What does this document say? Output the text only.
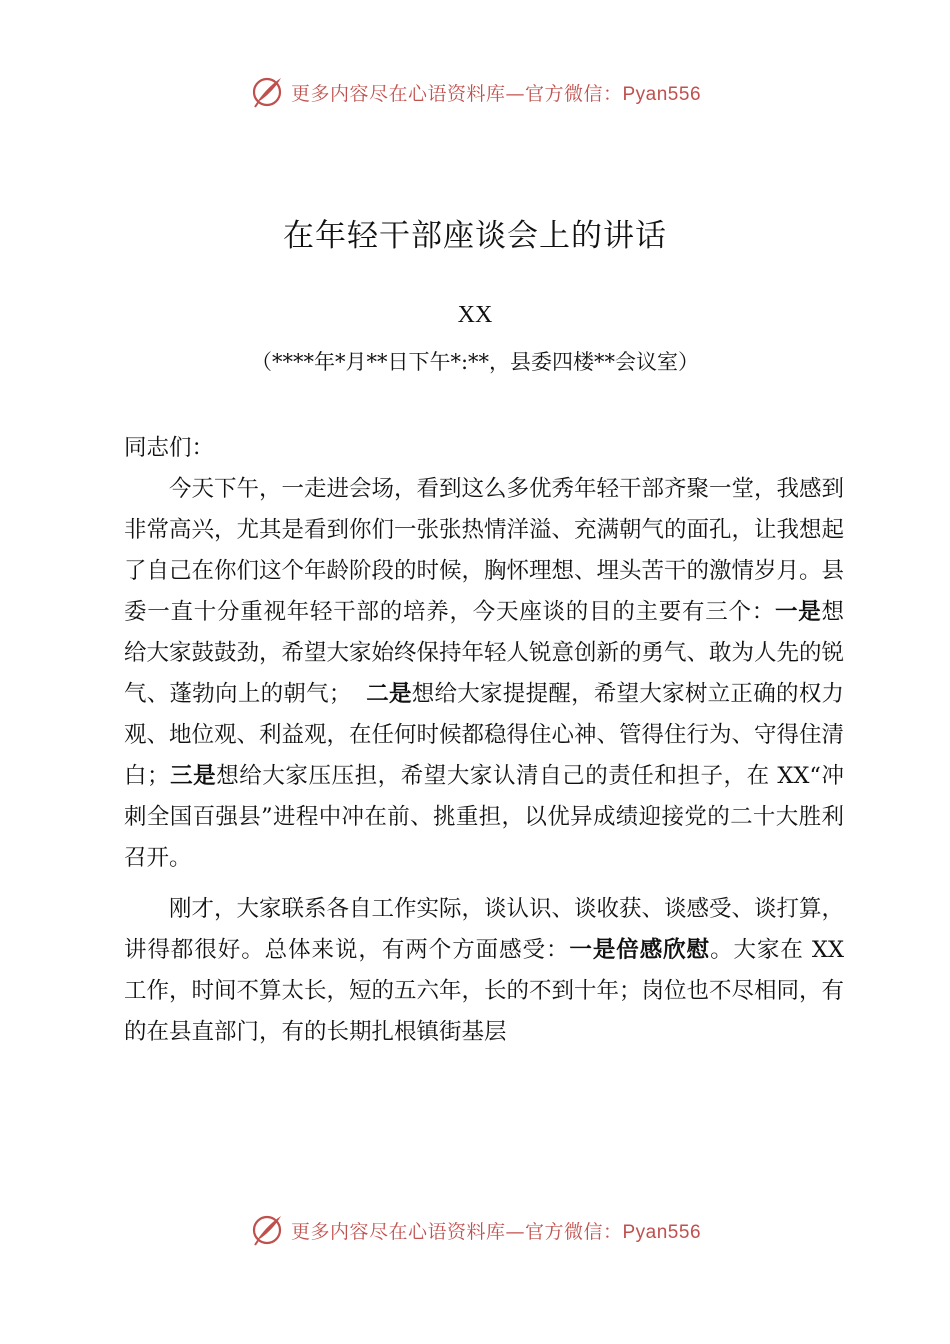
更多内容尽在心语资料库—官方微信：Pyan556
在年轻干部座谈会上的讲话
XX
（****年*月**日下午*:**，县委四楼**会议室）

同志们：

今天下午，一走进会场，看到这么多优秀年轻干部齐聚一堂，我感到非常高兴，尤其是看到你们一张张热情洋溢、充满朝气的面孔，让我想起了自己在你们这个年龄阶段的时候，胸怀理想、埋头苦干的激情岁月。县委一直十分重视年轻干部的培养，今天座谈的目的主要有三个：一是想给大家鼓鼓劲，希望大家始终保持年轻人锐意创新的勇气、敢为人先的锐气、蓬勃向上的朝气； 二是想给大家提提醒，希望大家树立正确的权力观、地位观、利益观，在任何时候都稳得住心神、管得住行为、守得住清白；三是想给大家压压担，希望大家认清自己的责任和担子，在 XX“冲刺全国百强县”进程中冲在前、挑重担，以优异成绩迎接党的二十大胜利召开。

刚才，大家联系各自工作实际，谈认识、谈收获、谈感受、谈打算，讲得都很好。总体来说，有两个方面感受：一是倍感欣慰。大家在 XX 工作，时间不算太长，短的五六年，长的不到十年；岗位也不尽相同，有的在县直部门，有的长期扎根镇街基层

更多内容尽在心语资料库—官方微信：Pyan556
